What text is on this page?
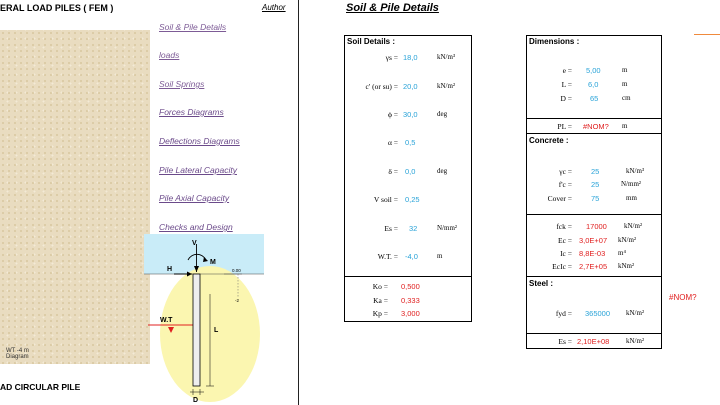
ERAL LOAD PILES ( FEM )	Author	Soil & Pile Details
WT -4 m
Diagram
AD CIRCULAR PILE
Soil & Pile Details
loads
Soil Springs
Forces Diagrams
Deflections Diagrams
Pile Lateral Capacity
Pile Axial Capacity
Checks and Design
V
H
M
0.00
-2
W.T
L
D
Soil Details :
γs = 18,0	kN/m³
c' (or su) = 20,0	kN/m²
ϕ = 30,0	deg
α = 0,5
δ = 0,0	deg
V soil = 0,25
Es = 32	N/mm²
W.T. = -4,0	m
Ko = 0,500
Ka = 0,333
Kp = 3,000
Dimensions :
e = 5,00	m
L = 6,0	m
D = 65	cm
PL = #NOM? m
Concrete :
γc =	25	kN/m³
f'c =	25	N/mm²
Cover =	75	mm
fck = 17000 kN/m²
Ec = 3,0E+07 kN/m²
Ic = 8,8E-03 m⁴
EcIc = 2,7E+05 kNm²
Steel :
fyd = 365000 kN/m²
Es = 2,10E+08 kN/m²
#NOM?
